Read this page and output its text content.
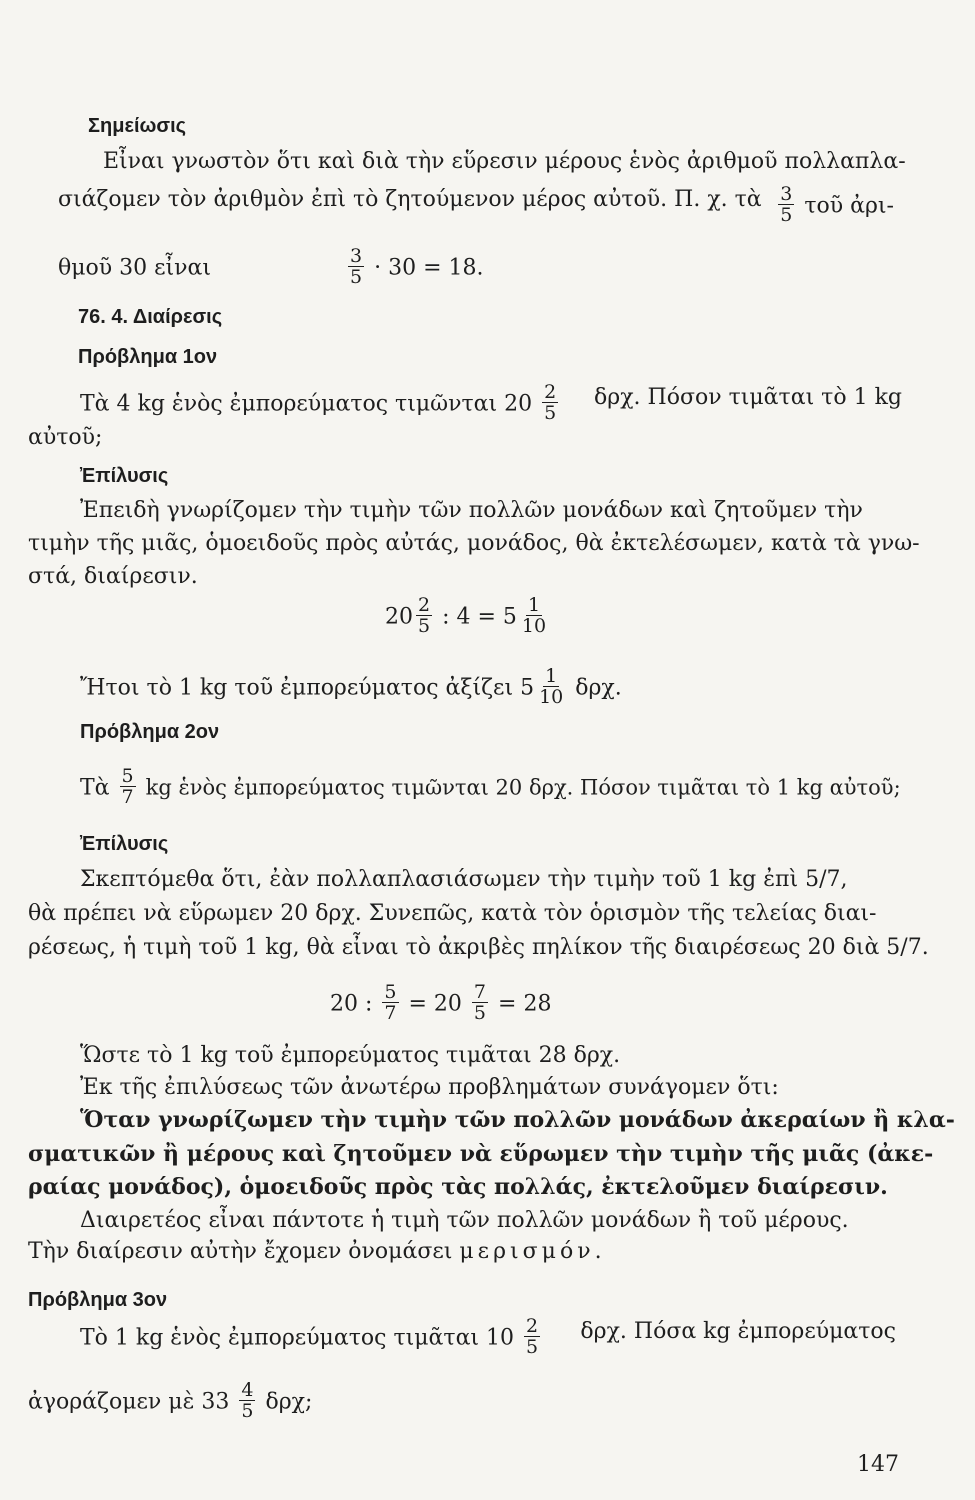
Σημείωσις
Εἶναι γνωστὸν ὅτι καὶ διὰ τὴν εὕρεσιν μέρους ἑνὸς ἀριθμοῦ πολλαπλα-
σιάζομεν τὸν ἀριθμὸν ἐπὶ τὸ ζητούμενον μέρος αὐτοῦ. Π. χ. τὰ $\frac{3}{5}$ τοῦ ἀρι-
θμοῦ 30 εἶναι	$\frac{3}{5} \cdot 30 = 18$.
76. 4. Διαίρεσις
Πρόβλημα 1ον
Τὰ 4 kg ἑνὸς ἐμπορεύματος τιμῶνται $20 \frac{2}{5} \delta\rho\chi$. Πόσον τιμᾶται τὸ 1 kg
αὐτοῦ;
Ἐπίλυσις
Ἐπειδὴ γνωρίζομεν τὴν τιμὴν τῶν πολλῶν μονάδων καὶ ζητοῦμεν τὴν
τιμὴν τῆς μιᾶς, ὁμοειδοῦς πρὸς αὐτάς, μονάδος, θὰ ἐκτελέσωμεν, κατὰ τὰ γνω-
στά, διαίρεσιν.
$20 \frac{2}{5}$ : $4 = 5 \frac{1}{10}$
Ἤτοι τὸ 1 kg τοῦ ἐμπορεύματος ἀξίζει $5 \frac{1}{10} \delta\rho\chi$.
Πρόβλημα 2ον
Τὰ $\frac{5}{7}$ kg ἑνὸς ἐμπορεύματος τιμῶνται 20 δρχ. Πόσον τιμᾶται τὸ 1 kg αὐτοῦ;
Ἐπίλυσις
Σκεπτόμεθα ὅτι, ἐὰν πολλαπλασιάσωμεν τὴν τιμὴν τοῦ 1 kg ἐπὶ 5/7,
θὰ πρέπει νὰ εὕρωμεν 20 δρχ. Συνεπῶς, κατὰ τὸν ὁρισμὸν τῆς τελείας διαι-
ρέσεως, ἡ τιμὴ τοῦ 1 kg, θὰ εἶναι τὸ ἀκριβὲς πηλίκον τῆς διαιρέσεως 20 διὰ 5/7.
20 : $\frac{5}{7} = 20 \frac{7}{5} = 28$
Ὥστε τὸ 1 kg τοῦ ἐμπορεύματος τιμᾶται 28 δρχ.
Ἐκ τῆς ἐπιλύσεως τῶν ἀνωτέρω προβλημάτων συνάγομεν ὅτι:
Ὅταν γνωρίζωμεν τὴν τιμὴν τῶν πολλῶν μονάδων ἀκεραίων ἢ κλα-
σματικῶν ἢ μέρους καὶ ζητοῦμεν νὰ εὕρωμεν τὴν τιμὴν τῆς μιᾶς (ἀκε-
ραίας μονάδος), ὁμοειδοῦς πρὸς τὰς πολλάς, ἐκτελοῦμεν διαίρεσιν.
Διαιρετέος εἶναι πάντοτε ἡ τιμὴ τῶν πολλῶν μονάδων ἢ τοῦ μέρους.
Τὴν διαίρεσιν αὐτὴν ἔχομεν ὀνομάσει μερισμόν.
Πρόβλημα 3ον
Τὸ 1 kg ἑνὸς ἐμπορεύματος τιμᾶται $10 \frac{2}{5} \delta\rho\chi$. Πόσα kg ἐμπορεύματος
ἀγοράζομεν μὲ $33 \frac{4}{5} \delta\rho\chi$;
147
